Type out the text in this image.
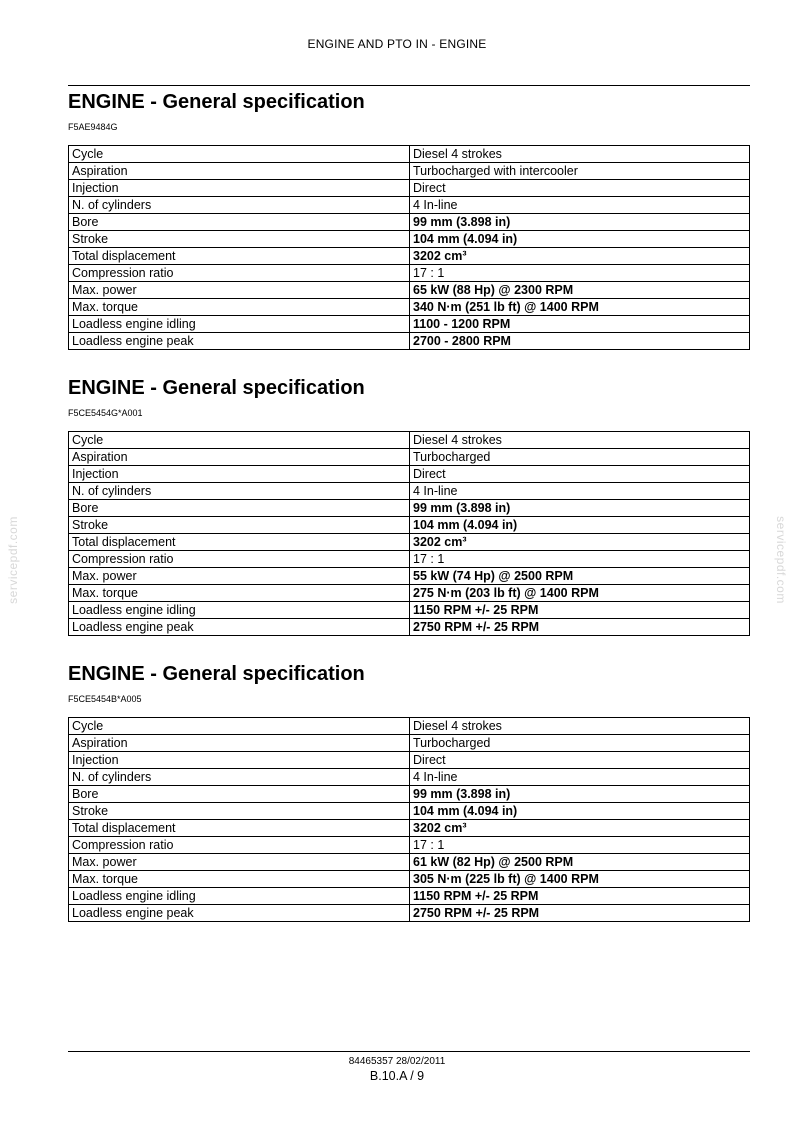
ENGINE AND PTO IN - ENGINE
servicepdf.com	servicepdf.com
ENGINE - General specification
F5AE9484G
Cycle	Diesel 4 strokes
Aspiration	Turbocharged with intercooler
Injection	Direct
N. of cylinders	4 In-line
Bore	99 mm (3.898 in)
Stroke	104 mm (4.094 in)
Total displacement	3202 cm³
Compression ratio	17 : 1
Max. power	65 kW (88 Hp) @ 2300 RPM
Max. torque	340 N·m (251 lb ft) @ 1400 RPM
Loadless engine idling	1100 - 1200 RPM
Loadless engine peak	2700 - 2800 RPM
ENGINE - General specification
F5CE5454G*A001
Cycle	Diesel 4 strokes
Aspiration	Turbocharged
Injection	Direct
N. of cylinders	4 In-line
Bore	99 mm (3.898 in)
Stroke	104 mm (4.094 in)
Total displacement	3202 cm³
Compression ratio	17 : 1
Max. power	55 kW (74 Hp) @ 2500 RPM
Max. torque	275 N·m (203 lb ft) @ 1400 RPM
Loadless engine idling	1150 RPM +/- 25 RPM
Loadless engine peak	2750 RPM +/- 25 RPM
ENGINE - General specification
F5CE5454B*A005
Cycle	Diesel 4 strokes
Aspiration	Turbocharged
Injection	Direct
N. of cylinders	4 In-line
Bore	99 mm (3.898 in)
Stroke	104 mm (4.094 in)
Total displacement	3202 cm³
Compression ratio	17 : 1
Max. power	61 kW (82 Hp) @ 2500 RPM
Max. torque	305 N·m (225 lb ft) @ 1400 RPM
Loadless engine idling	1150 RPM +/- 25 RPM
Loadless engine peak	2750 RPM +/- 25 RPM
84465357 28/02/2011
B.10.A / 9
